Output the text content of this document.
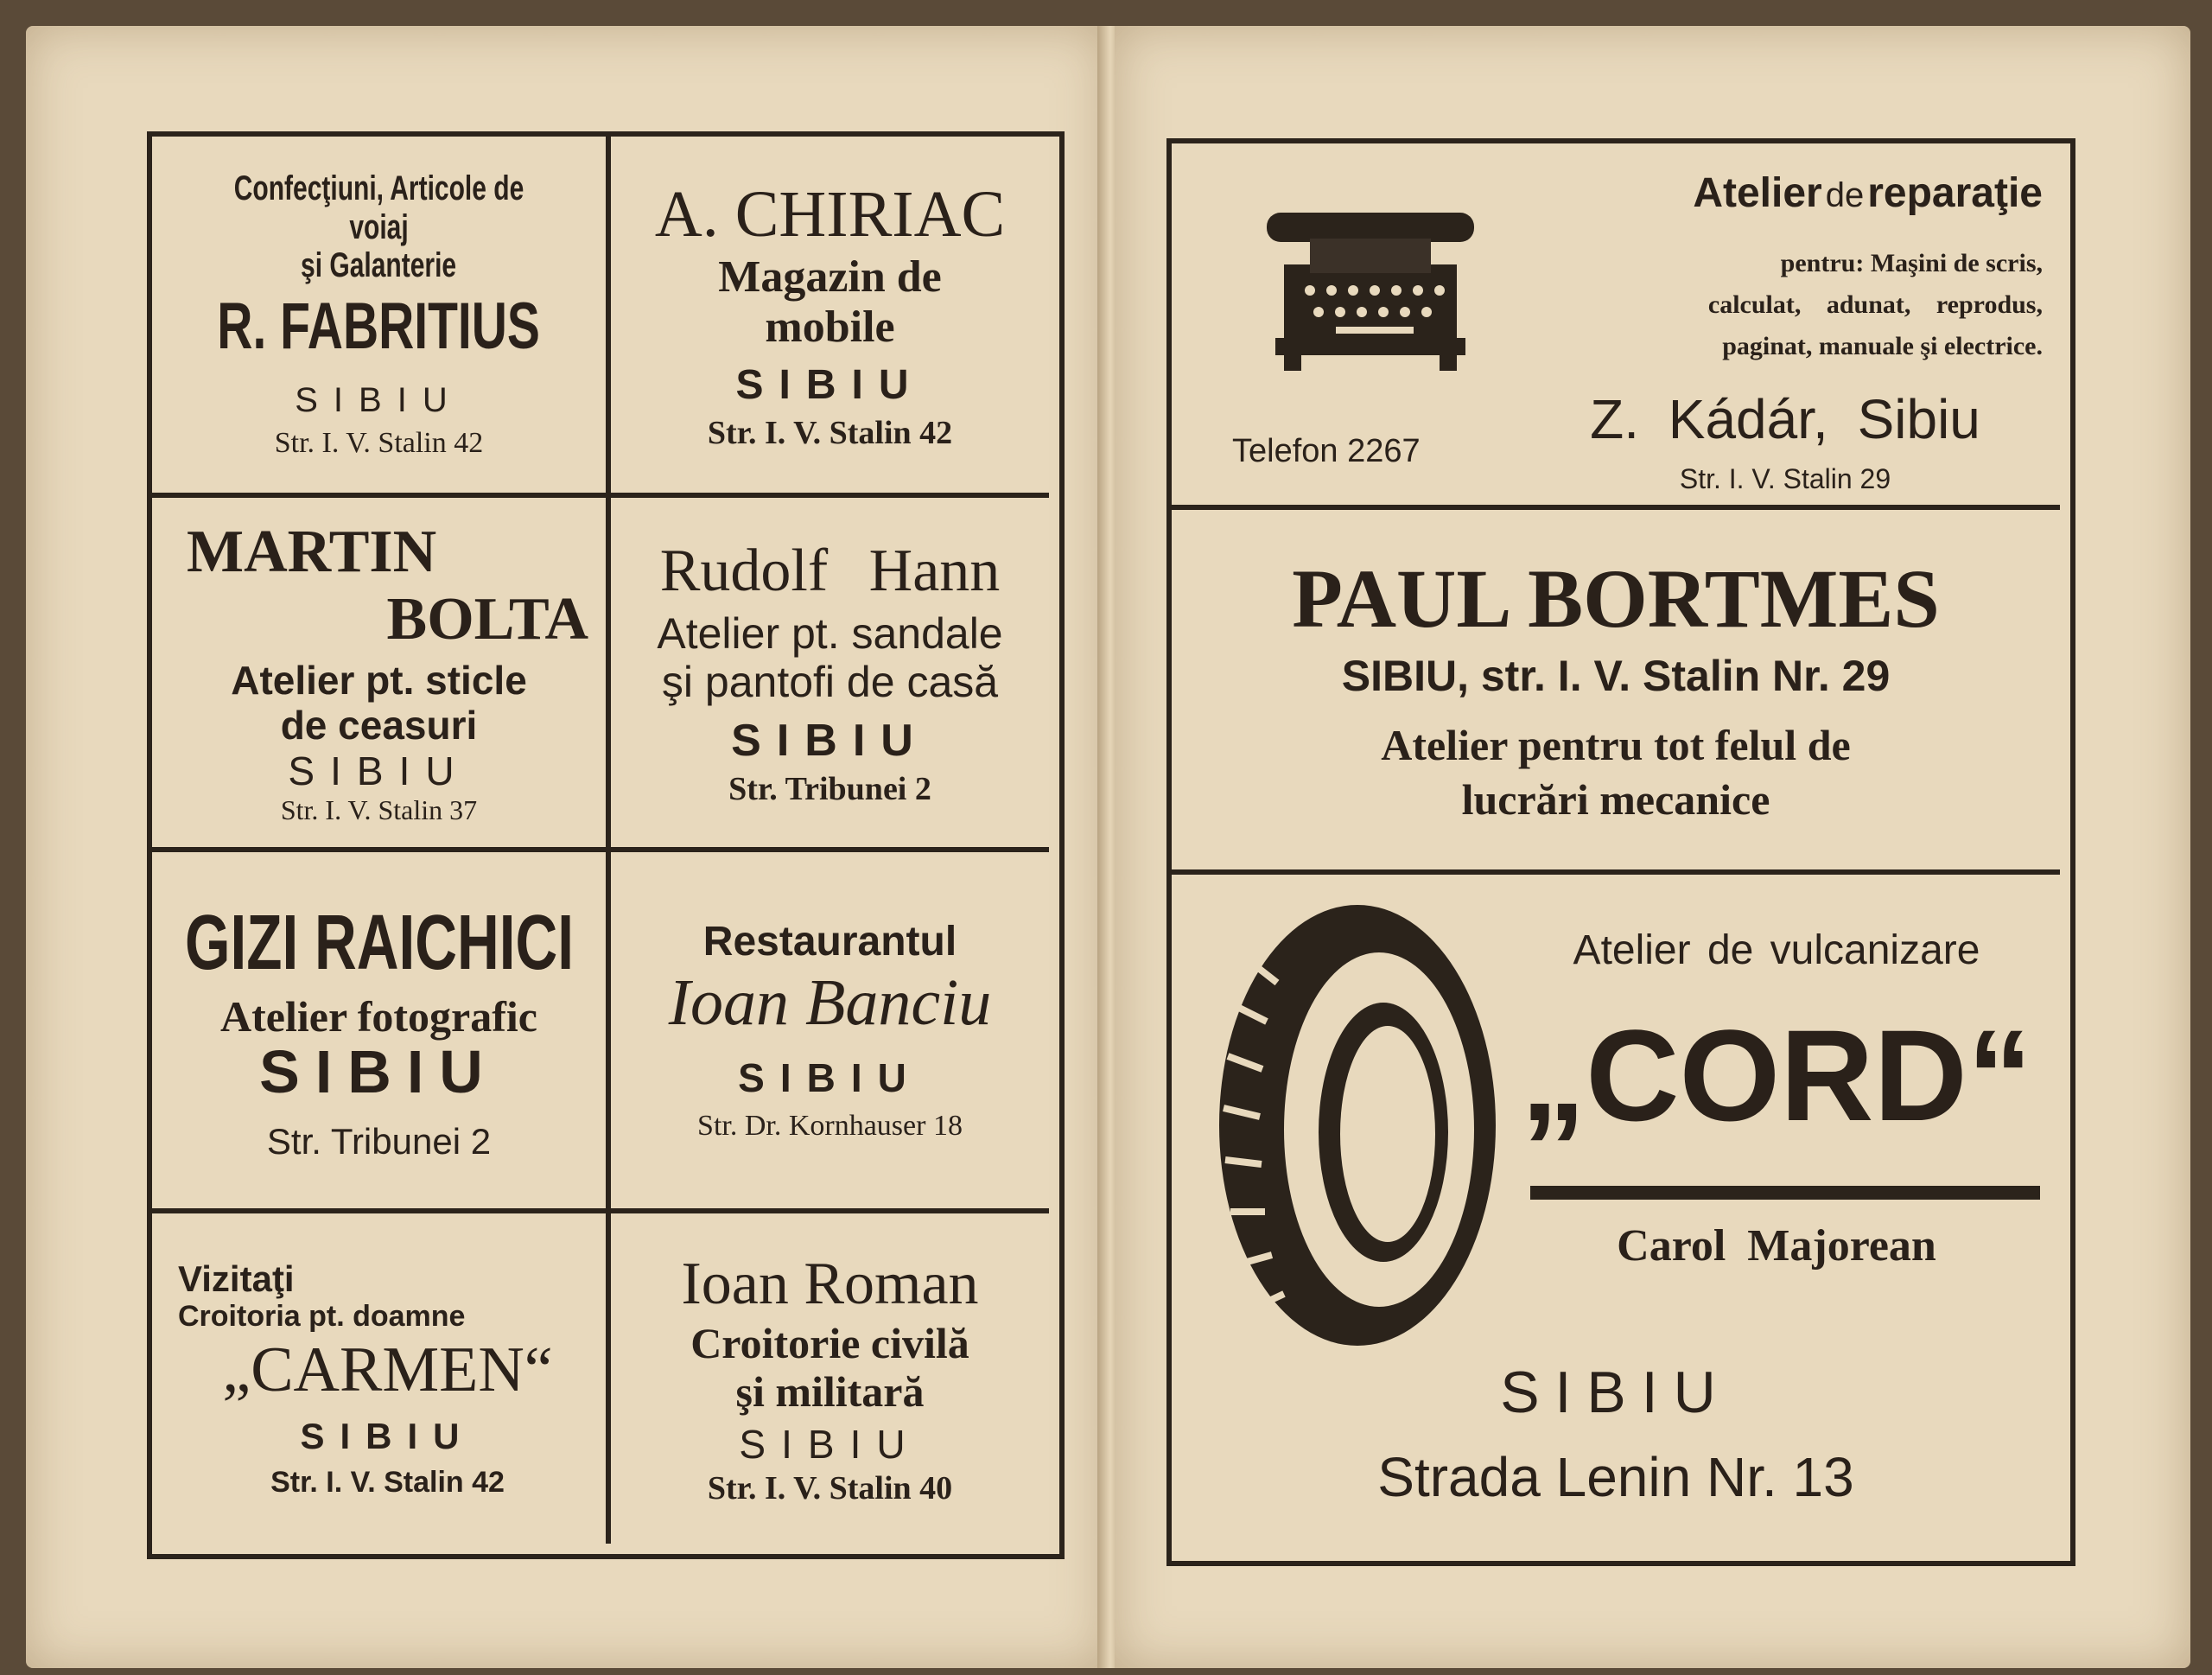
Confecţiuni, Articole de voiaj
şi Galanterie
R. FABRITIUS
SIBIU
Str. I. V. Stalin 42
A. CHIRIAC
Magazin de
mobile
SIBIU
Str. I. V. Stalin 42
MARTIN
BOLTA
Atelier pt. sticle
de ceasuri
SIBIU
Str. I. V. Stalin 37
Rudolf Hann
Atelier pt. sandale
şi pantofi de casă
SIBIU
Str. Tribunei 2
GIZI RAICHICI
Atelier fotografic
SIBIU
Str. Tribunei 2
Restaurantul
Ioan Banciu
SIBIU
Str. Dr. Kornhauser 18
Vizitaţi
Croitoria pt. doamne
„CARMEN“
SIBIU
Str. I. V. Stalin 42
Ioan Roman
Croitorie civilă
şi militară
SIBIU
Str. I. V. Stalin 40
Telefon 2267
Atelier de reparaţie
pentru: Maşini de scris,
calculat, adunat, reprodus,
paginat, manuale şi electrice.
Z. Kádár, Sibiu
Str. I. V. Stalin 29
PAUL BORTMES
SIBIU, str. I. V. Stalin Nr. 29
Atelier pentru tot felul de
lucrări mecanice
Atelier de vulcanizare
„CORD“
Carol Majorean
SIBIU
Strada Lenin Nr. 13
